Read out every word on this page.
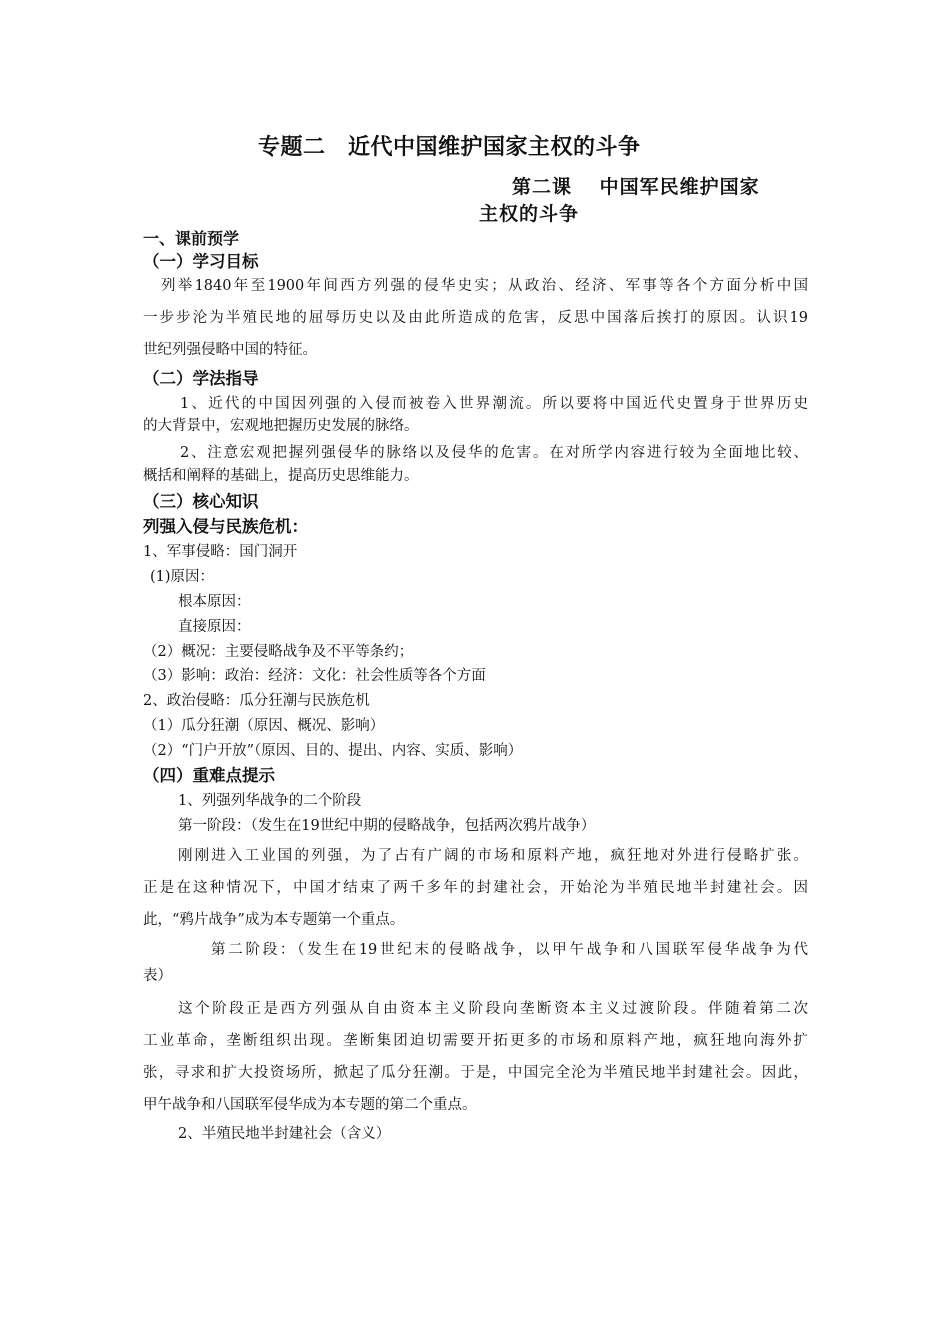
专题二　近代中国维护国家主权的斗争
第二课　 中国军民维护国家
主权的斗争
一、课前预学
（一）学习目标
列举1840年至1900年间西方列强的侵华史实；从政治、经济、军事等各个方面分析中国
一步步沦为半殖民地的屈辱历史以及由此所造成的危害，反思中国落后挨打的原因。认识19
世纪列强侵略中国的特征。
（二）学法指导
1、近代的中国因列强的入侵而被卷入世界潮流。所以要将中国近代史置身于世界历史
的大背景中，宏观地把握历史发展的脉络。
2、注意宏观把握列强侵华的脉络以及侵华的危害。在对所学内容进行较为全面地比较、
概括和阐释的基础上，提高历史思维能力。
（三）核心知识
列强入侵与民族危机：
1、军事侵略：国门洞开
(1)原因：
根本原因：
直接原因：
（2）概况：主要侵略战争及不平等条约；
（3）影响：政治：经济：文化：社会性质等各个方面
2、政治侵略：瓜分狂潮与民族危机
（1）瓜分狂潮（原因、概况、影响）
（2）“门户开放”（原因、目的、提出、内容、实质、影响）
（四）重难点提示
1、列强列华战争的二个阶段
第一阶段：（发生在19世纪中期的侵略战争，包括两次鸦片战争）
刚刚进入工业国的列强，为了占有广阔的市场和原料产地，疯狂地对外进行侵略扩张。
正是在这种情况下，中国才结束了两千多年的封建社会，开始沦为半殖民地半封建社会。因
此，“鸦片战争”成为本专题第一个重点。
第二阶段：（发生在19世纪末的侵略战争，以甲午战争和八国联军侵华战争为代
表）
这个阶段正是西方列强从自由资本主义阶段向垄断资本主义过渡阶段。伴随着第二次
工业革命，垄断组织出现。垄断集团迫切需要开拓更多的市场和原料产地，疯狂地向海外扩
张，寻求和扩大投资场所，掀起了瓜分狂潮。于是，中国完全沦为半殖民地半封建社会。因此，
甲午战争和八国联军侵华成为本专题的第二个重点。
2、半殖民地半封建社会（含义）
